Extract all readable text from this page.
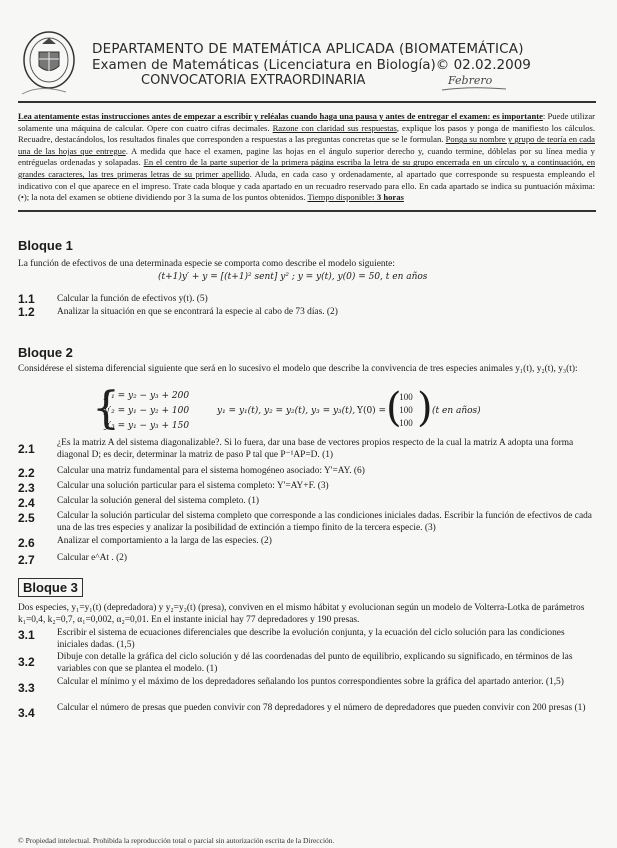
DEPARTAMENTO DE MATEMÁTICA APLICADA (BIOMATEMÁTICA)
Examen de Matemáticas (Licenciatura en Biología)© 02.02.2009
CONVOCATORIA EXTRAORDINARIA	Febrero
Lea atentamente estas instrucciones antes de empezar a escribir y reléalas cuando haga una pausa y antes de entregar el examen: es importante: Puede utilizar solamente una máquina de calcular. Opere con cuatro cifras decimales. Razone con claridad sus respuestas, explique los pasos y ponga de manifiesto los cálculos. Recuadre, destacándolos, los resultados finales que corresponden a respuestas a las preguntas concretas que se le formulan. Ponga su nombre y grupo de teoría en cada una de las hojas que entregue. A medida que hace el examen, pagine las hojas en el ángulo superior derecho y, cuando termine, dóblelas por su línea media y entréguelas ordenadas y solapadas. En el centro de la parte superior de la primera página escriba la letra de su grupo encerrada en un círculo y, a continuación, en grandes caracteres, las tres primeras letras de su primer apellido. Aluda, en cada caso y ordenadamente, al apartado que corresponde su respuesta empleando el indicativo con el que aparece en el impreso. Trate cada bloque y cada apartado en un recuadro reservado para ello. En cada apartado se indica su puntuación máxima: (•); la nota del examen se obtiene dividiendo por 3 la suma de los puntos obtenidos. Tiempo disponible: 3 horas
Bloque 1
La función de efectivos de una determinada especie se comporta como describe el modelo siguiente:
(t+1)y′ + y = [(t+1)² sent] y² ; y = y(t), y(0) = 50, t en años
1.1 Calcular la función de efectivos y(t). (5)
1.2 Analizar la situación en que se encontrará la especie al cabo de 73 días. (2)
Bloque 2
Considérese el sistema diferencial siguiente que será en lo sucesivo el modelo que describe la convivencia de tres especies animales y₁(t), y₂(t), y₃(t):
{
y′₁ = y₂ − y₃ + 200
y′₂ = y₁ − y₂ + 100
y′₃ = y₁ − y₃ + 150
y₁ = y₁(t), y₂ = y₂(t), y₃ = y₃(t), Y(0) = (
100
100
100 ) (t en años)
2.1 ¿Es la matriz A del sistema diagonalizable?. Si lo fuera, dar una base de vectores propios respecto de la cual la matriz A adopta una forma diagonal D; es decir, determinar la matriz de paso P tal que P⁻¹AP=D. (1)
2.2 Calcular una matriz fundamental para el sistema homogéneo asociado: Y'=AY. (6)
2.3 Calcular una solución particular para el sistema completo: Y'=AY+F. (3)
2.4 Calcular la solución general del sistema completo. (1)
2.5 Calcular la solución particular del sistema completo que corresponde a las condiciones iniciales dadas. Escribir la función de efectivos de cada una de las tres especies y analizar la posibilidad de extinción a tiempo finito de la tercera especie. (3)
2.6 Analizar el comportamiento a la larga de las especies. (2)
2.7 Calcular e^At . (2)
Bloque 3
Dos especies, y₁=y₁(t) (depredadora) y y₂=y₂(t) (presa), conviven en el mismo hábitat y evolucionan según un modelo de Volterra-Lotka de parámetros k₁=0,4, k₂=0,7, α₁=0,002, α₂=0,01. En el instante inicial hay 77 depredadores y 190 presas.
3.1 Escribir el sistema de ecuaciones diferenciales que describe la evolución conjunta, y la ecuación del ciclo solución para las condiciones iniciales dadas. (1,5)
3.2 Dibuje con detalle la gráfica del ciclo solución y dé las coordenadas del punto de equilibrio, explicando su significado, en términos de las variables con que se plantea el modelo. (1)
3.3 Calcular el mínimo y el máximo de los depredadores señalando los puntos correspondientes sobre la gráfica del apartado anterior. (1,5)
3.4 Calcular el número de presas que pueden convivir con 78 depredadores y el número de depredadores que pueden convivir con 200 presas (1)
© Propiedad intelectual. Prohibida la reproducción total o parcial sin autorización escrita de la Dirección.
